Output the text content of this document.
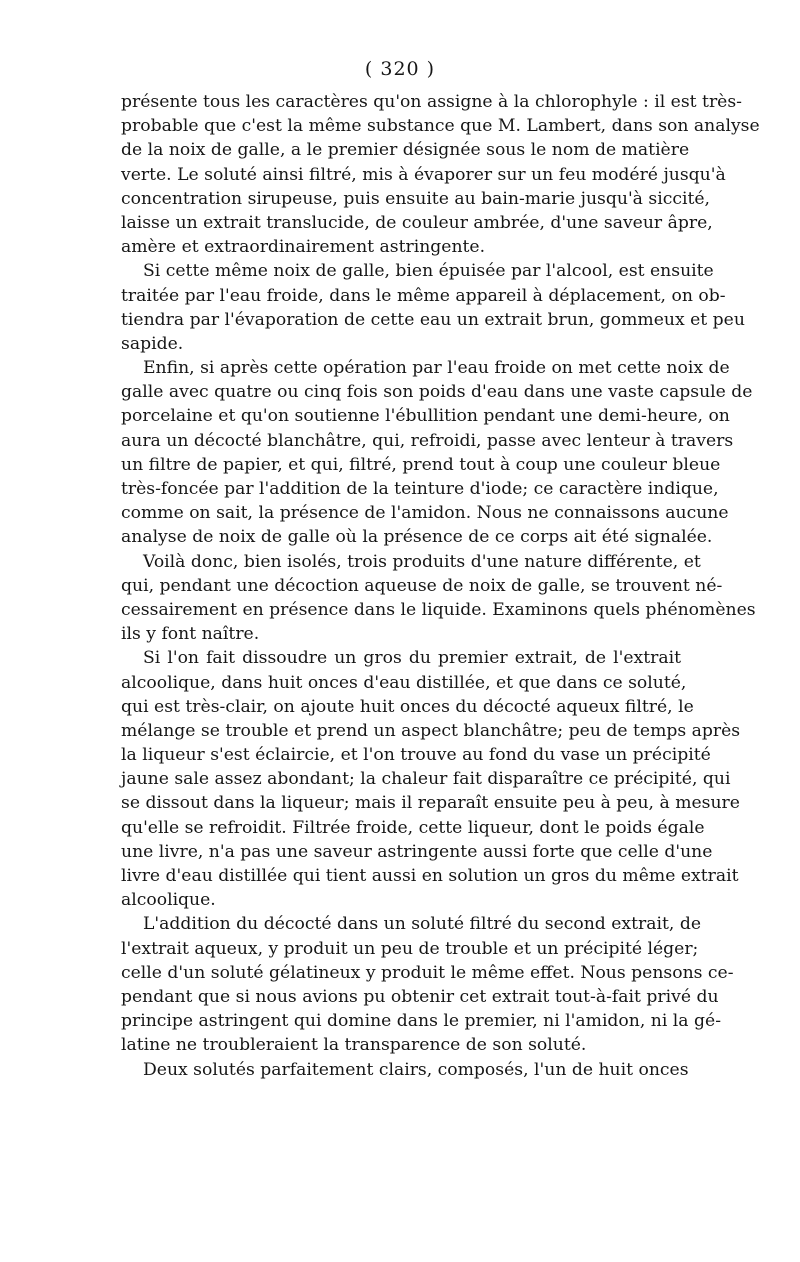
( 320 )
présente tous les caractères qu'on assigne à la chlorophyle : il est très-
probable que c'est la même substance que M. Lambert, dans son analyse
de la noix de galle, a le premier désignée sous le nom de matière
verte. Le soluté ainsi filtré, mis à évaporer sur un feu modéré jusqu'à
concentration sirupeuse, puis ensuite au bain-marie jusqu'à siccité,
laisse un extrait translucide, de couleur ambrée, d'une saveur âpre,
amère et extraordinairement astringente.
Si cette même noix de galle, bien épuisée par l'alcool, est ensuite
traitée par l'eau froide, dans le même appareil à déplacement, on ob-
tiendra par l'évaporation de cette eau un extrait brun, gommeux et peu
sapide.
Enfin, si après cette opération par l'eau froide on met cette noix de
galle avec quatre ou cinq fois son poids d'eau dans une vaste capsule de
porcelaine et qu'on soutienne l'ébullition pendant une demi-heure, on
aura un décocté blanchâtre, qui, refroidi, passe avec lenteur à travers
un filtre de papier, et qui, filtré, prend tout à coup une couleur bleue
très-foncée par l'addition de la teinture d'iode; ce caractère indique,
comme on sait, la présence de l'amidon. Nous ne connaissons aucune
analyse de noix de galle où la présence de ce corps ait été signalée.
Voilà donc, bien isolés, trois produits d'une nature différente, et
qui, pendant une décoction aqueuse de noix de galle, se trouvent né-
cessairement en présence dans le liquide. Examinons quels phénomènes
ils y font naître.
Si l'on fait dissoudre un gros du premier extrait, de l'extrait
alcoolique, dans huit onces d'eau distillée, et que dans ce soluté,
qui est très-clair, on ajoute huit onces du décocté aqueux filtré, le
mélange se trouble et prend un aspect blanchâtre; peu de temps après
la liqueur s'est éclaircie, et l'on trouve au fond du vase un précipité
jaune sale assez abondant; la chaleur fait disparaître ce précipité, qui
se dissout dans la liqueur; mais il reparaît ensuite peu à peu, à mesure
qu'elle se refroidit. Filtrée froide, cette liqueur, dont le poids égale
une livre, n'a pas une saveur astringente aussi forte que celle d'une
livre d'eau distillée qui tient aussi en solution un gros du même extrait
alcoolique.
L'addition du décocté dans un soluté filtré du second extrait, de
l'extrait aqueux, y produit un peu de trouble et un précipité léger;
celle d'un soluté gélatineux y produit le même effet. Nous pensons ce-
pendant que si nous avions pu obtenir cet extrait tout-à-fait privé du
principe astringent qui domine dans le premier, ni l'amidon, ni la gé-
latine ne troubleraient la transparence de son soluté.
Deux solutés parfaitement clairs, composés, l'un de huit onces
